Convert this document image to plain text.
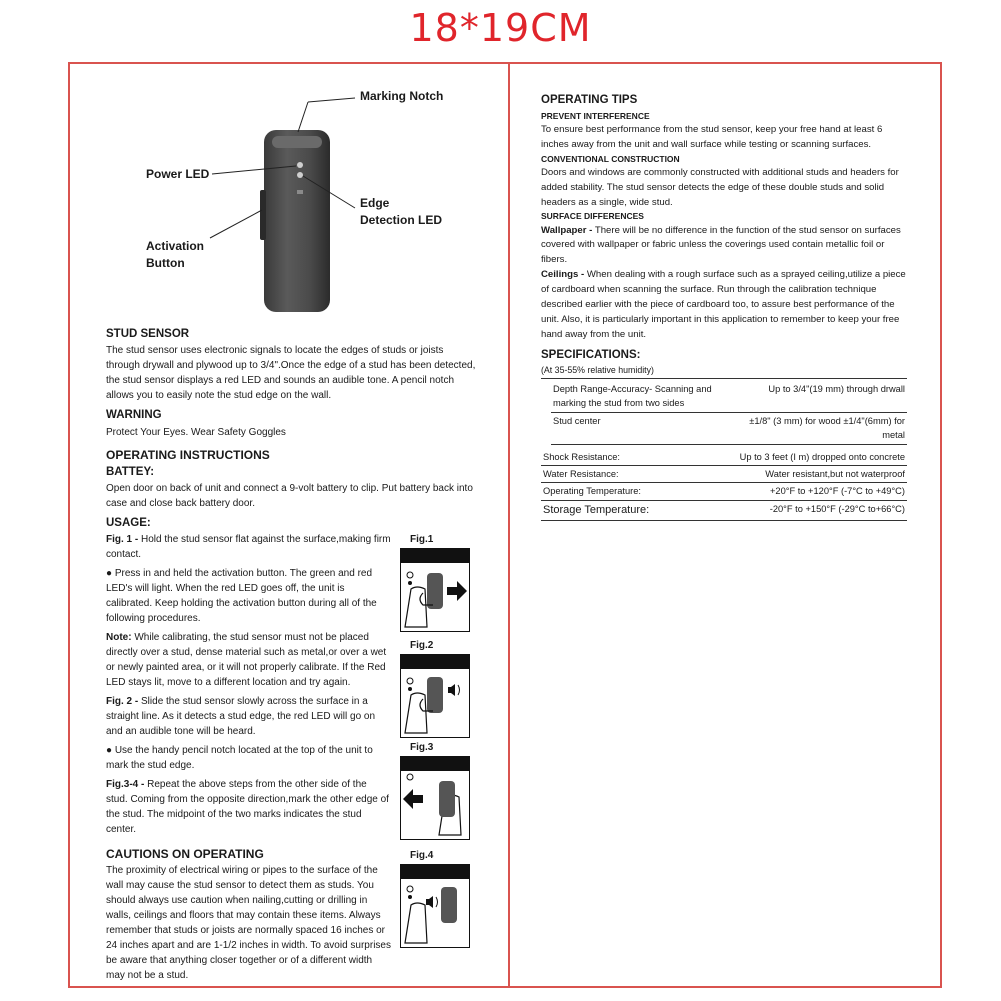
18*19CM
Marking Notch
Power LED
Edge
Detection LED
Activation
Button

STUD SENSOR

The stud sensor uses electronic signals to locate the edges of studs or joists through drywall and plywood up to 3/4".Once the edge of a stud has been detected, the stud sensor displays a red LED and sounds an audible tone. A pencil notch allows you to easily note the stud edge on the wall.

WARNING

Protect Your Eyes. Wear Safety Goggles

OPERATING INSTRUCTIONS

BATTEY:

Open door on back of unit and connect a 9-volt battery to clip. Put battery back into case and close back battery door.

USAGE:

Fig. 1 - Hold the stud sensor flat against the surface,making firm contact.

● Press in and held the activation button. The green and red LED's will light. When the red LED goes off, the unit is calibrated. Keep holding the activation button during all of the following procedures.

Note: While calibrating, the stud sensor must not be placed directly over a stud, dense material such as metal,or over a wet or newly painted area, or it will not properly calibrate. If the Red LED stays lit, move to a different location and try again.

Fig. 2 - Slide the stud sensor slowly across the surface in a straight line. As it detects a stud edge, the red LED will go on and an audible tone will be heard.

● Use the handy pencil notch located at the top of the unit to mark the stud edge.

Fig.3-4 - Repeat the above steps from the other side of the stud. Coming from the opposite direction,mark the other edge of the stud. The midpoint of the two marks indicates the stud center.

CAUTIONS ON OPERATING

The proximity of electrical wiring or pipes to the surface of the wall may cause the stud sensor to detect them as studs. You should always use caution when nailing,cutting or drilling in walls, ceilings and floors that may contain these items. Always remember that studs or joists are normally spaced 16 inches or 24 inches apart and are 1-1/2 inches in width. To avoid surprises be aware that anything closer together or of a different width may not be a stud.

Fig.1
Fig.2
Fig.3
Fig.4

OPERATING TIPS

PREVENT INTERFERENCE

To ensure best performance from the stud sensor, keep your free hand at least 6 inches away from the unit and wall surface while testing or scanning surfaces.

CONVENTIONAL CONSTRUCTION

Doors and windows are commonly constructed with additional studs and headers for added stability. The stud sensor detects the edge of these double studs and solid headers as a single, wide stud.

SURFACE DIFFERENCES

Wallpaper - There will be no difference in the function of the stud sensor on surfaces covered with wallpaper or fabric unless the coverings used contain metallic foil or fibers.

Ceilings - When dealing with a rough surface such as a sprayed ceiling,utilize a piece of cardboard when scanning the surface. Run through the calibration technique described earlier with the piece of cardboard too, to assure best performance of the unit. Also, it is particularly important in this application to remember to keep your free hand away from the unit.

SPECIFICATIONS:

(At 35-55% relative humidity)
Depth Range-Accuracy- Scanning and marking the stud from two sides	Up to 3/4"(19 mm) through drwall
Stud center	±1/8" (3 mm) for wood ±1/4"(6mm) for metal
Shock Resistance:	Up to 3 feet (I m) dropped onto concrete
Water Resistance:	Water resistant,but not waterproof
Operating Temperature:	+20°F to +120°F (-7°C to +49°C)
Storage Temperature:	-20°F to +150°F (-29°C to+66°C)
